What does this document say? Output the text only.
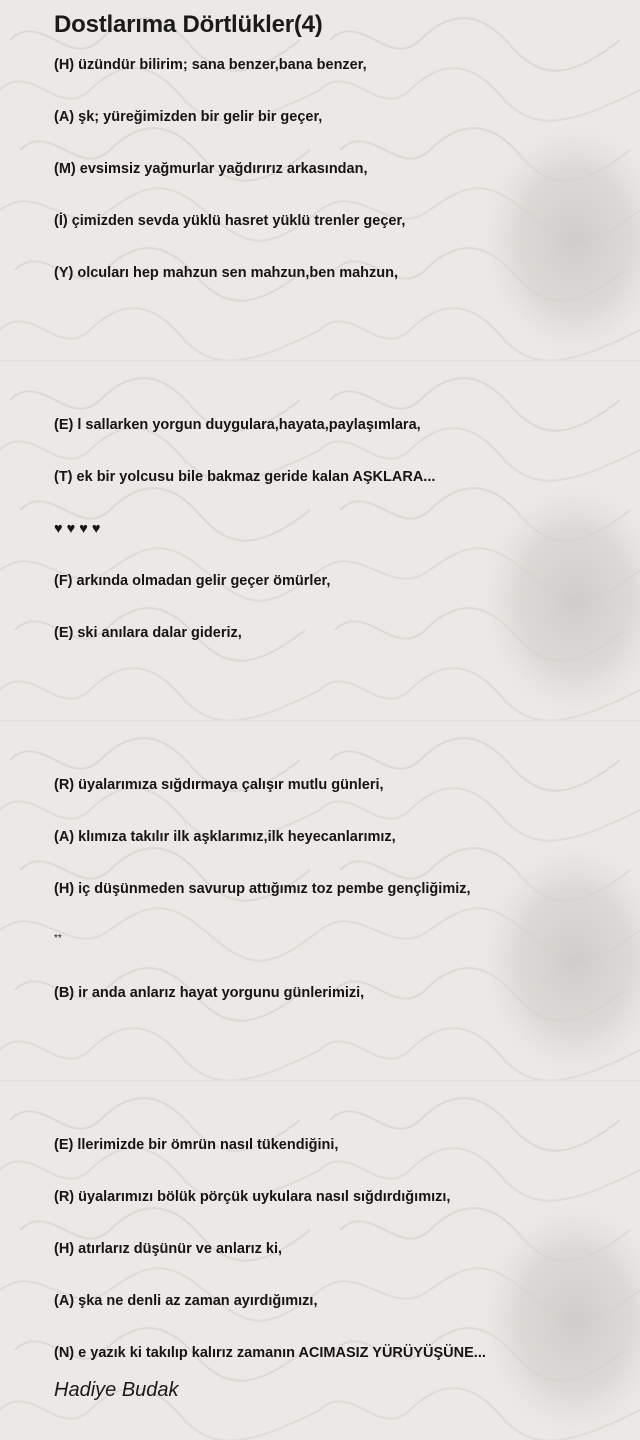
Dostlarıma Dörtlükler(4)
(H) üzündür bilirim; sana benzer,bana benzer,
(A) şk; yüreğimizden bir gelir bir geçer,
(M) evsimsiz yağmurlar yağdırırız arkasından,
(İ) çimizden sevda yüklü hasret yüklü trenler geçer,
(Y) olcuları hep mahzun sen mahzun,ben mahzun,
(E) l sallarken yorgun duygulara,hayata,paylaşımlara,
(T) ek bir yolcusu bile bakmaz geride kalan AŞKLARA...
♥ ♥ ♥ ♥
(F) arkında olmadan gelir geçer ömürler,
(E) ski anılara dalar gideriz,
(R) üyalarımıza sığdırmaya çalışır mutlu günleri,
(A) klımıza takılır ilk aşklarımız,ilk heyecanlarımız,
(H) iç düşünmeden savurup attığımız toz pembe gençliğimiz,
**
(B) ir anda anlarız hayat yorgunu günlerimizi,
(E) llerimizde bir ömrün nasıl tükendiğini,
(R) üyalarımızı bölük pörçük uykulara nasıl sığdırdığımızı,
(H) atırlarız düşünür ve anlarız ki,
(A) şka ne denli az zaman ayırdığımızı,
(N) e yazık ki takılıp kalırız zamanın ACIMASIZ YÜRÜYÜŞÜNE...
Hadiye Budak
